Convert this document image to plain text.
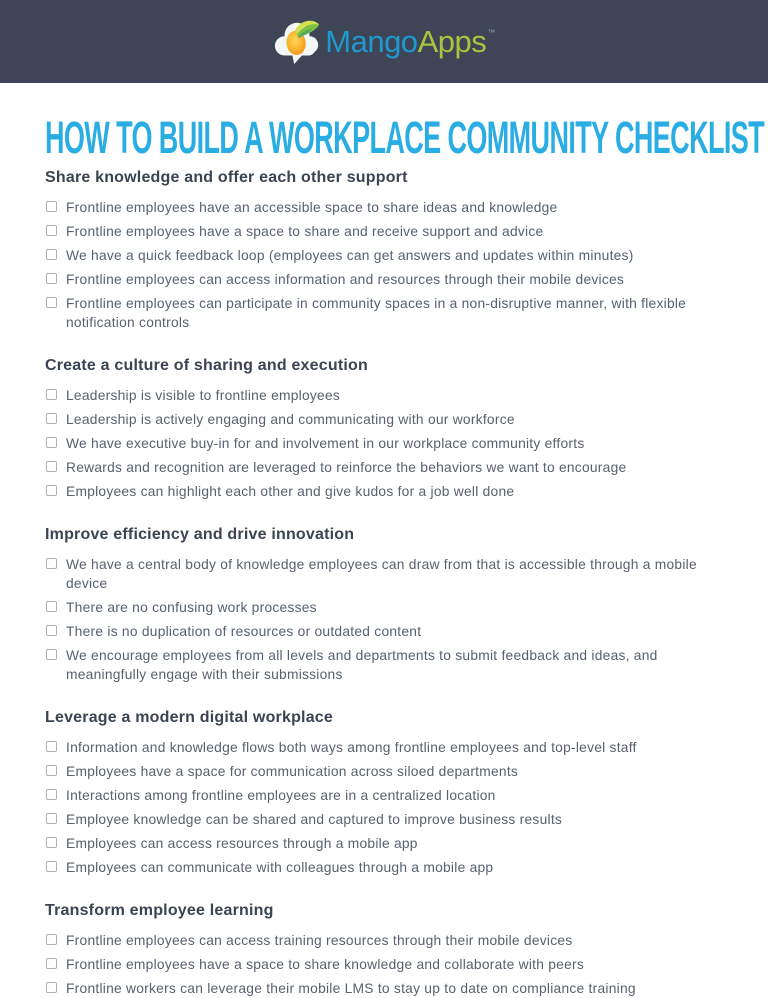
MangoApps™
HOW TO BUILD A WORKPLACE COMMUNITY CHECKLIST
Share knowledge and offer each other support
Frontline employees have an accessible space to share ideas and knowledge
Frontline employees have a space to share and receive support and advice
We have a quick feedback loop (employees can get answers and updates within minutes)
Frontline employees can access information and resources through their mobile devices
Frontline employees can participate in community spaces in a non-disruptive manner, with flexible notification controls
Create a culture of sharing and execution
Leadership is visible to frontline employees
Leadership is actively engaging and communicating with our workforce
We have executive buy-in for and involvement in our workplace community efforts
Rewards and recognition are leveraged to reinforce the behaviors we want to encourage
Employees can highlight each other and give kudos for a job well done
Improve efficiency and drive innovation
We have a central body of knowledge employees can draw from that is accessible through a mobile device
There are no confusing work processes
There is no duplication of resources or outdated content
We encourage employees from all levels and departments to submit feedback and ideas, and meaningfully engage with their submissions
Leverage a modern digital workplace
Information and knowledge flows both ways among frontline employees and top-level staff
Employees have a space for communication across siloed departments
Interactions among frontline employees are in a centralized location
Employee knowledge can be shared and captured to improve business results
Employees can access resources through a mobile app
Employees can communicate with colleagues through a mobile app
Transform employee learning
Frontline employees can access training resources through their mobile devices
Frontline employees have a space to share knowledge and collaborate with peers
Frontline workers can leverage their mobile LMS to stay up to date on compliance training
